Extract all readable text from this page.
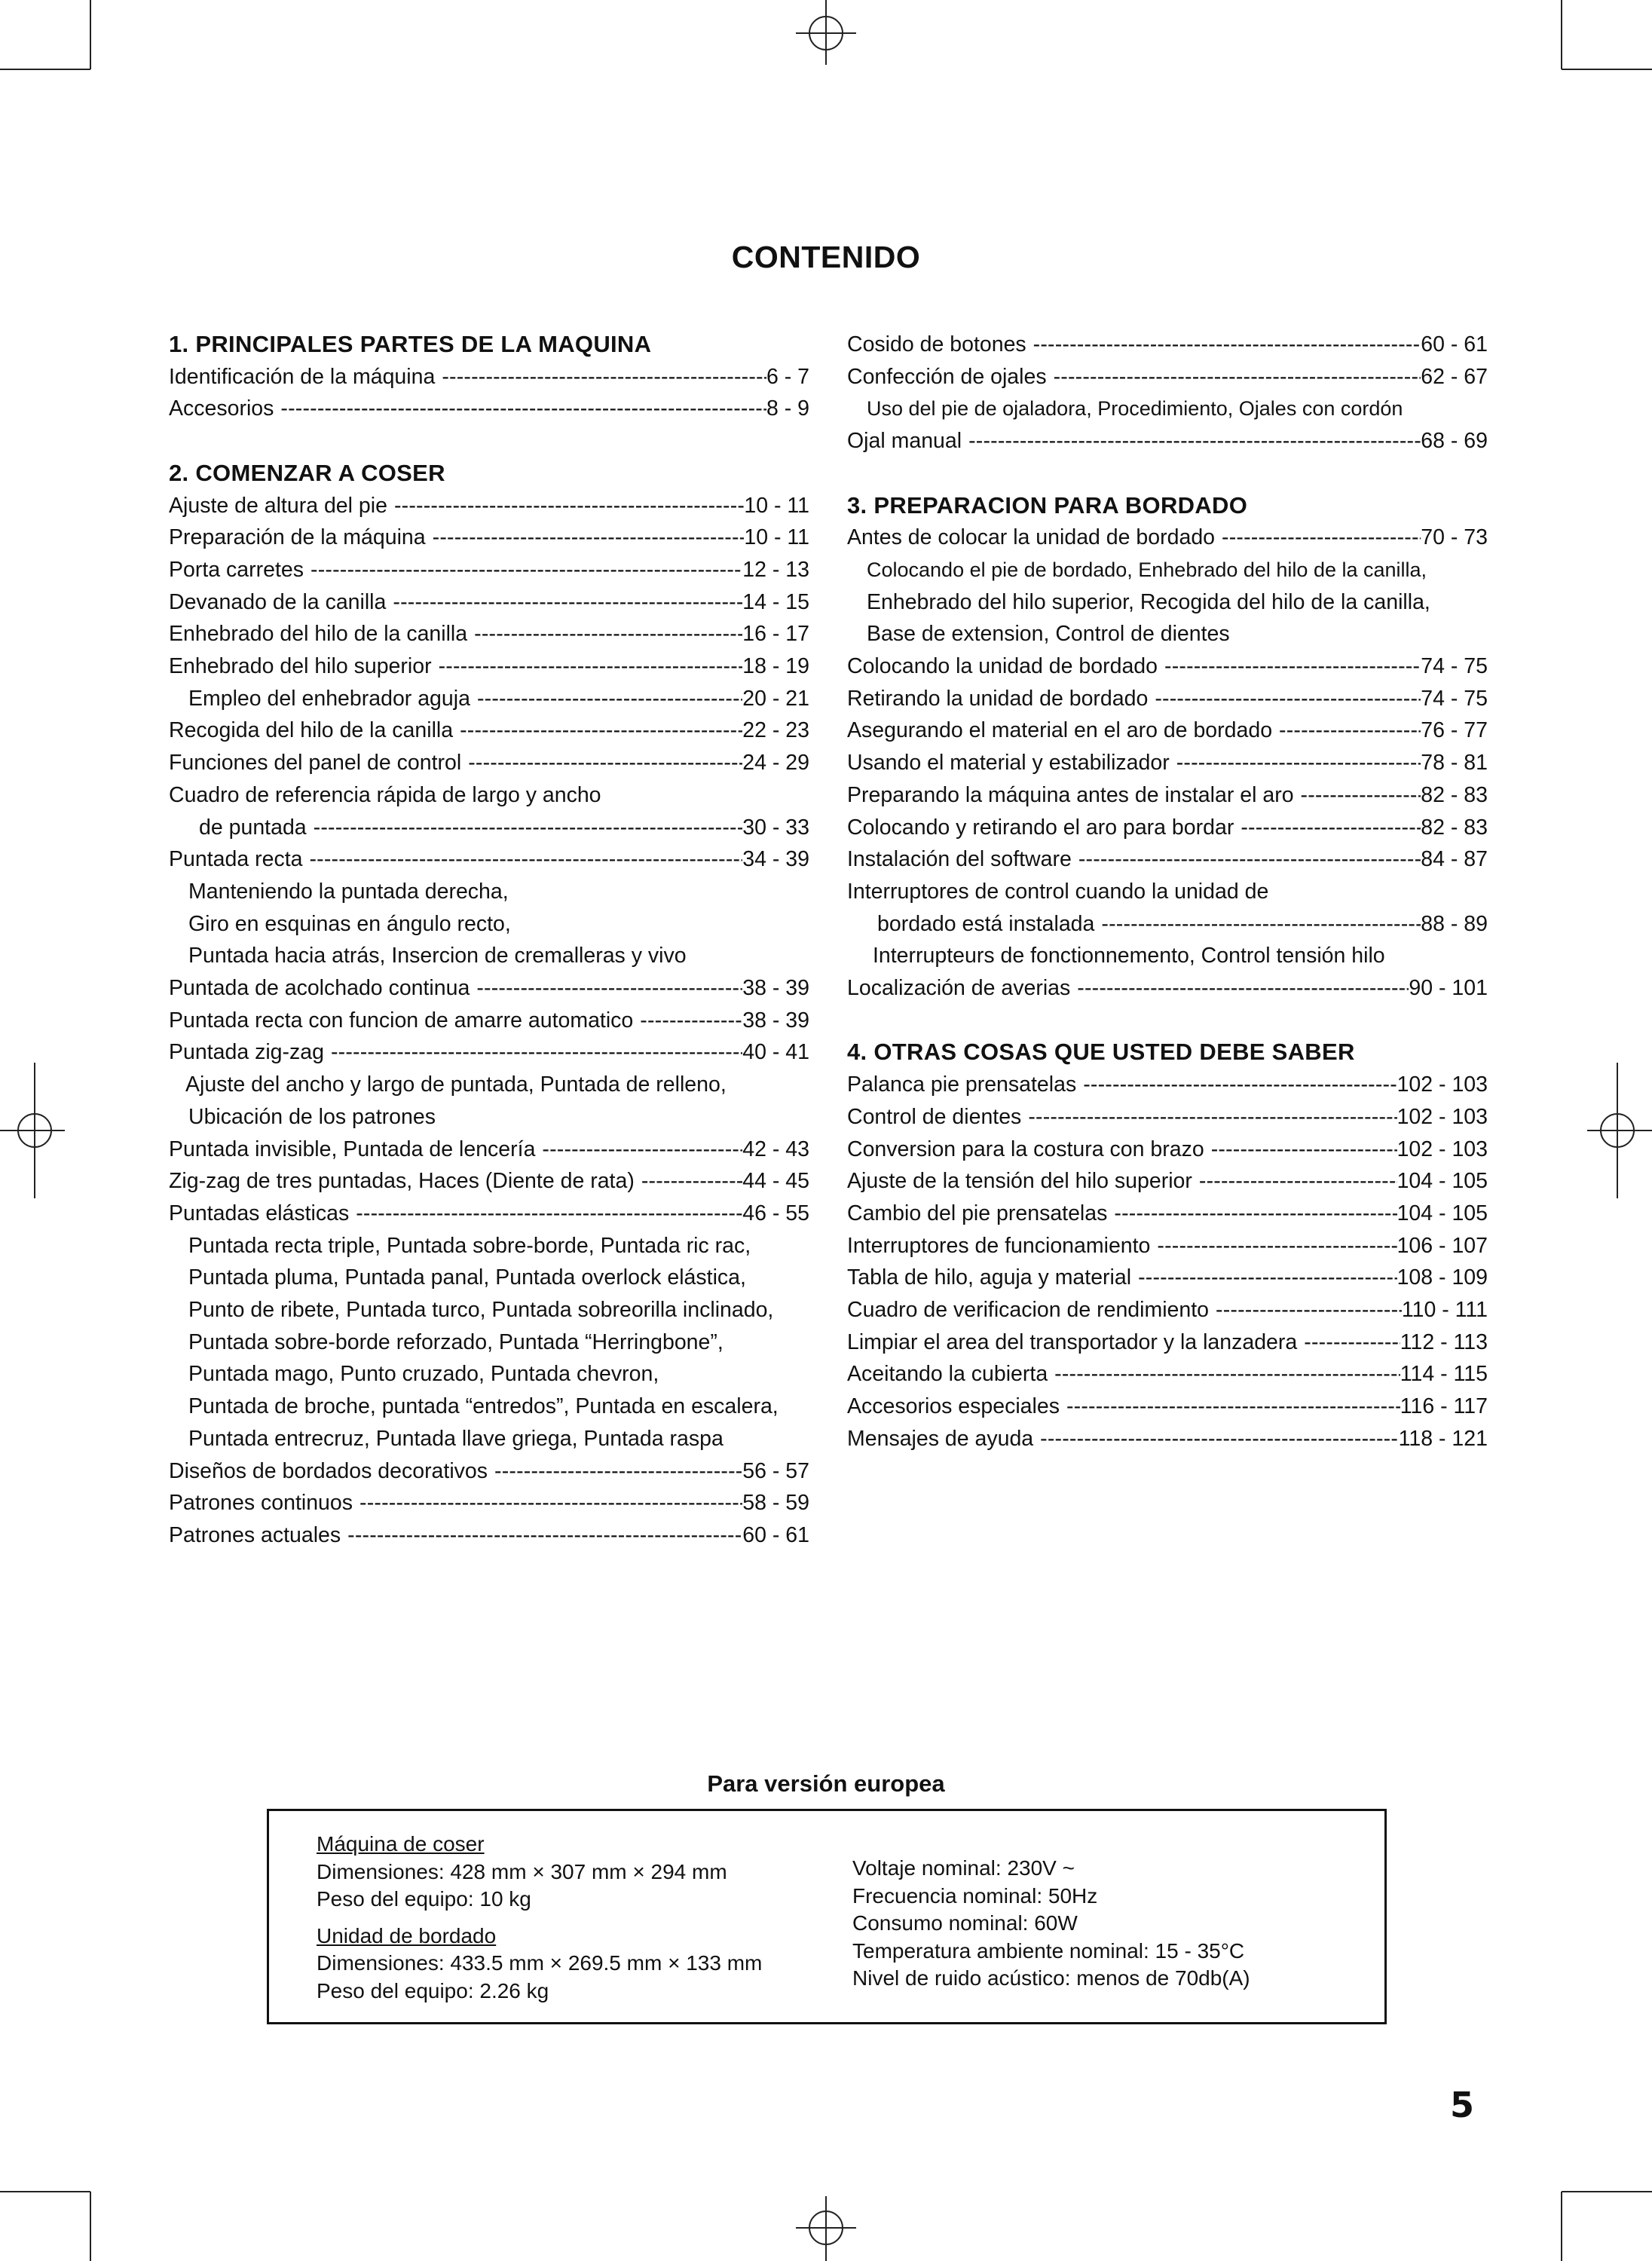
CONTENIDO
1. PRINCIPALES PARTES DE LA MAQUINA
Identificación de la máquina -----	6 - 7
Accesorios -----	8 - 9
2. COMENZAR A COSER
Ajuste de altura del pie -----	10 - 11
Preparación de la máquina -----	10 - 11
Porta carretes -----	12 - 13
Devanado de la canilla -----	14 - 15
Enhebrado del hilo de la canilla -----	16 - 17
Enhebrado del hilo superior -----	18 - 19
Empleo del enhebrador aguja -----	20 - 21
Recogida del hilo de la canilla -----	22 - 23
Funciones del panel de control -----	24 - 29
Cuadro de referencia rápida de largo y ancho
de puntada -----	30 - 33
Puntada recta -----	34 - 39
Manteniendo la puntada derecha,
Giro en esquinas en ángulo recto,
Puntada hacia atrás, Insercion de cremalleras y vivo
Puntada de acolchado continua -----	38 - 39
Puntada recta con funcion de amarre automatico -----	38 - 39
Puntada zig-zag -----	40 - 41
Ajuste del ancho y largo de puntada, Puntada de relleno,
Ubicación de los patrones
Puntada invisible, Puntada de lencería -----	42 - 43
Zig-zag de tres puntadas, Haces (Diente de rata) -----	44 - 45
Puntadas elásticas -----	46 - 55
Puntada recta triple, Puntada sobre-borde, Puntada ric rac,
Puntada pluma, Puntada panal, Puntada overlock elástica,
Punto de ribete, Puntada turco, Puntada sobreorilla inclinado,
Puntada sobre-borde reforzado, Puntada “Herringbone”,
Puntada mago, Punto cruzado, Puntada chevron,
Puntada de broche, puntada “entredos”, Puntada en escalera,
Puntada entrecruz, Puntada llave griega, Puntada raspa
Diseños de bordados decorativos -----	56 - 57
Patrones continuos -----	58 - 59
Patrones actuales -----	60 - 61
Cosido de botones -----	60 - 61
Confección de ojales -----	62 - 67
Uso del pie de ojaladora, Procedimiento, Ojales con cordón
Ojal manual -----	68 - 69
3. PREPARACION PARA BORDADO
Antes de colocar la unidad de bordado -----	70 - 73
Colocando el pie de bordado, Enhebrado del hilo de la canilla,
Enhebrado del hilo superior, Recogida del hilo de la canilla,
Base de extension, Control de dientes
Colocando la unidad de bordado -----	74 - 75
Retirando la unidad de bordado -----	74 - 75
Asegurando el material en el aro de bordado -----	76 - 77
Usando el material y estabilizador -----	78 - 81
Preparando la máquina antes de instalar el aro -----	82 - 83
Colocando y retirando el aro para bordar -----	82 - 83
Instalación del software -----	84 - 87
Interruptores de control cuando la unidad de
bordado está instalada -----	88 - 89
Interrupteurs de fonctionnemento, Control tensión hilo
Localización de averias -----	90 - 101
4. OTRAS COSAS QUE USTED DEBE SABER
Palanca pie prensatelas -----	102 - 103
Control de dientes -----	102 - 103
Conversion para la costura con brazo -----	102 - 103
Ajuste de la tensión del hilo superior -----	104 - 105
Cambio del pie prensatelas -----	104 - 105
Interruptores de funcionamiento -----	106 - 107
Tabla de hilo, aguja y material -----	108 - 109
Cuadro de verificacion de rendimiento -----	110 - 111
Limpiar el area del transportador y la lanzadera -----	112 - 113
Aceitando la cubierta -----	114 - 115
Accesorios especiales -----	116 - 117
Mensajes de ayuda -----	118 - 121
Para versión europea
Máquina de coser
Dimensiones: 428 mm × 307 mm × 294 mm
Peso del equipo: 10 kg
Unidad de bordado
Dimensiones: 433.5 mm × 269.5 mm × 133 mm
Peso del equipo: 2.26 kg
Voltaje nominal: 230V ~
Frecuencia nominal: 50Hz
Consumo nominal: 60W
Temperatura ambiente nominal: 15 - 35°C
Nivel de ruido acústico: menos de 70db(A)
5
